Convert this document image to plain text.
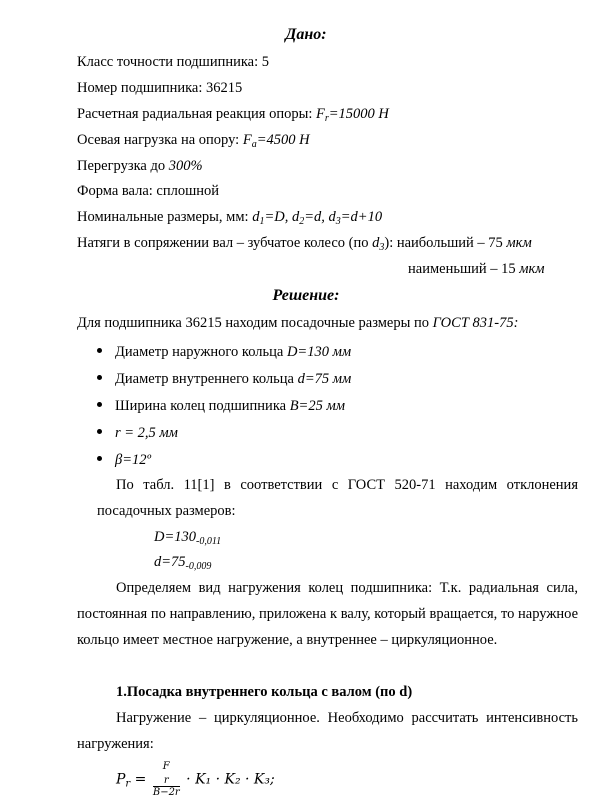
Дано:
Класс точности подшипника: 5
Номер подшипника: 36215
Расчетная радиальная реакция опоры: $F_r=15000$ Н
Осевая нагрузка на опору: $F_a=4500$ Н
Перегрузка до 300%
Форма вала: сплошной
Номинальные размеры, мм: $d_1=D$, $d_2=d$, $d_3=d+10$
Натяги в сопряжении вал – зубчатое колесо (по $d_3$): наибольший – 75 мкм
наименьший – 15 мкм
Решение:
Для подшипника 36215 находим посадочные размеры по ГОСТ 831-75:
Диаметр наружного кольца D=130 мм
Диаметр внутреннего кольца d=75 мм
Ширина колец подшипника B=25 мм
r = 2,5 мм
β=12º
По табл. 11[1] в соответствии с ГОСТ 520-71 находим отклонения посадочных размеров:
$D=130_{-0,011}$
$d=75_{-0,009}$
Определяем вид нагружения колец подшипника: Т.к. радиальная сила, постоянная по направлению, приложена к валу, который вращается, то наружное кольцо имеет местное нагружение, а внутреннее – циркуляционное.
1.Посадка внутреннего кольца с валом (по d)
Нагружение – циркуляционное. Необходимо рассчитать интенсивность нагружения:
$P_r = F$
$_r$
B−2r · K₁ · K₂ · K₃;
